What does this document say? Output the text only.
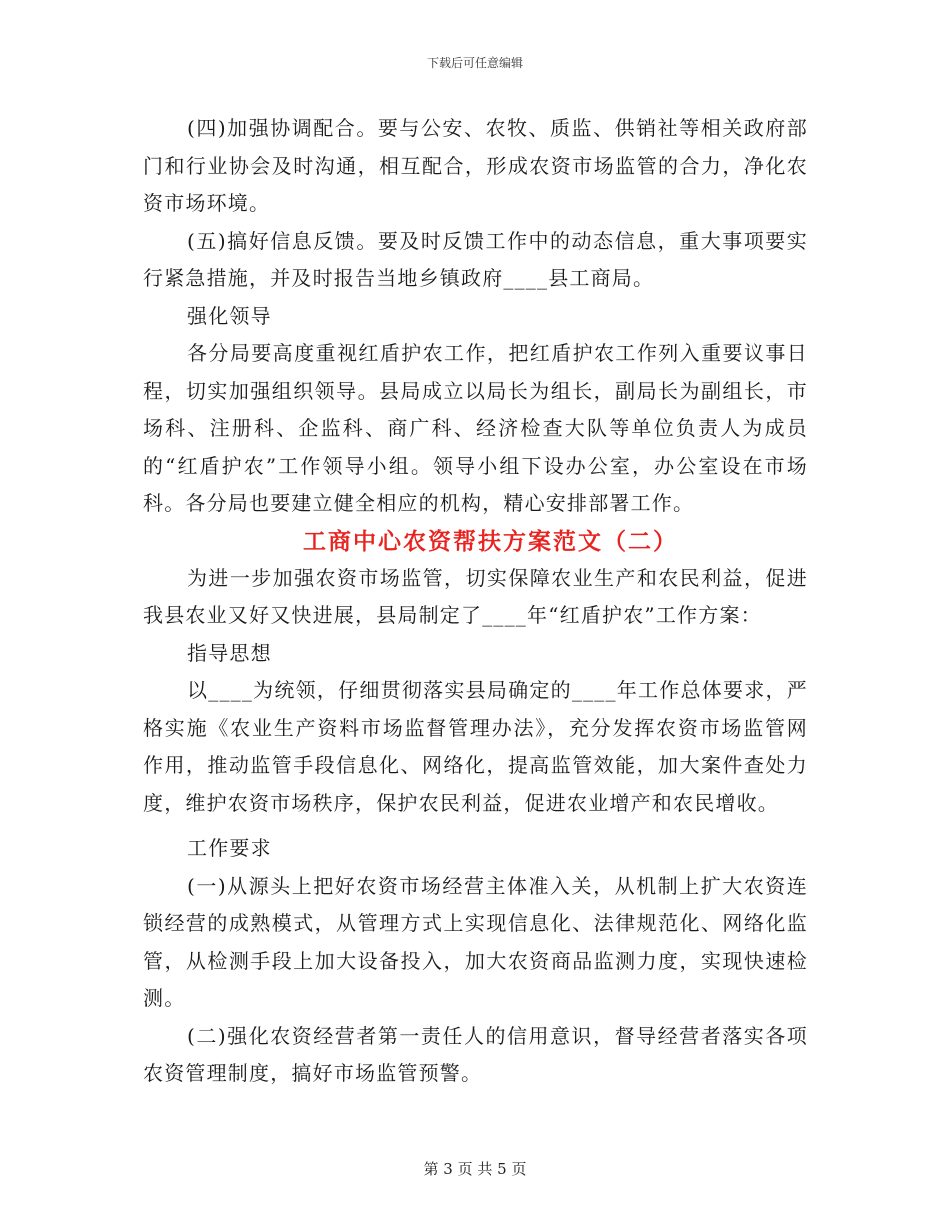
下载后可任意编辑

(四)加强协调配合。要与公安、农牧、质监、供销社等相关政府部门和行业协会及时沟通，相互配合，形成农资市场监管的合力，净化农资市场环境。

(五)搞好信息反馈。要及时反馈工作中的动态信息，重大事项要实行紧急措施，并及时报告当地乡镇政府____县工商局。

强化领导

各分局要高度重视红盾护农工作，把红盾护农工作列入重要议事日程，切实加强组织领导。县局成立以局长为组长，副局长为副组长，市场科、注册科、企监科、商广科、经济检查大队等单位负责人为成员的“红盾护农”工作领导小组。领导小组下设办公室，办公室设在市场科。各分局也要建立健全相应的机构，精心安排部署工作。

工商中心农资帮扶方案范文（二）

为进一步加强农资市场监管，切实保障农业生产和农民利益，促进我县农业又好又快进展，县局制定了____年“红盾护农”工作方案：

指导思想

以____为统领，仔细贯彻落实县局确定的____年工作总体要求，严格实施《农业生产资料市场监督管理办法》，充分发挥农资市场监管网作用，推动监管手段信息化、网络化，提高监管效能，加大案件查处力度，维护农资市场秩序，保护农民利益，促进农业增产和农民增收。

工作要求

(一)从源头上把好农资市场经营主体准入关，从机制上扩大农资连锁经营的成熟模式，从管理方式上实现信息化、法律规范化、网络化监管，从检测手段上加大设备投入，加大农资商品监测力度，实现快速检测。

(二)强化农资经营者第一责任人的信用意识，督导经营者落实各项农资管理制度，搞好市场监管预警。

第 3 页 共 5 页
